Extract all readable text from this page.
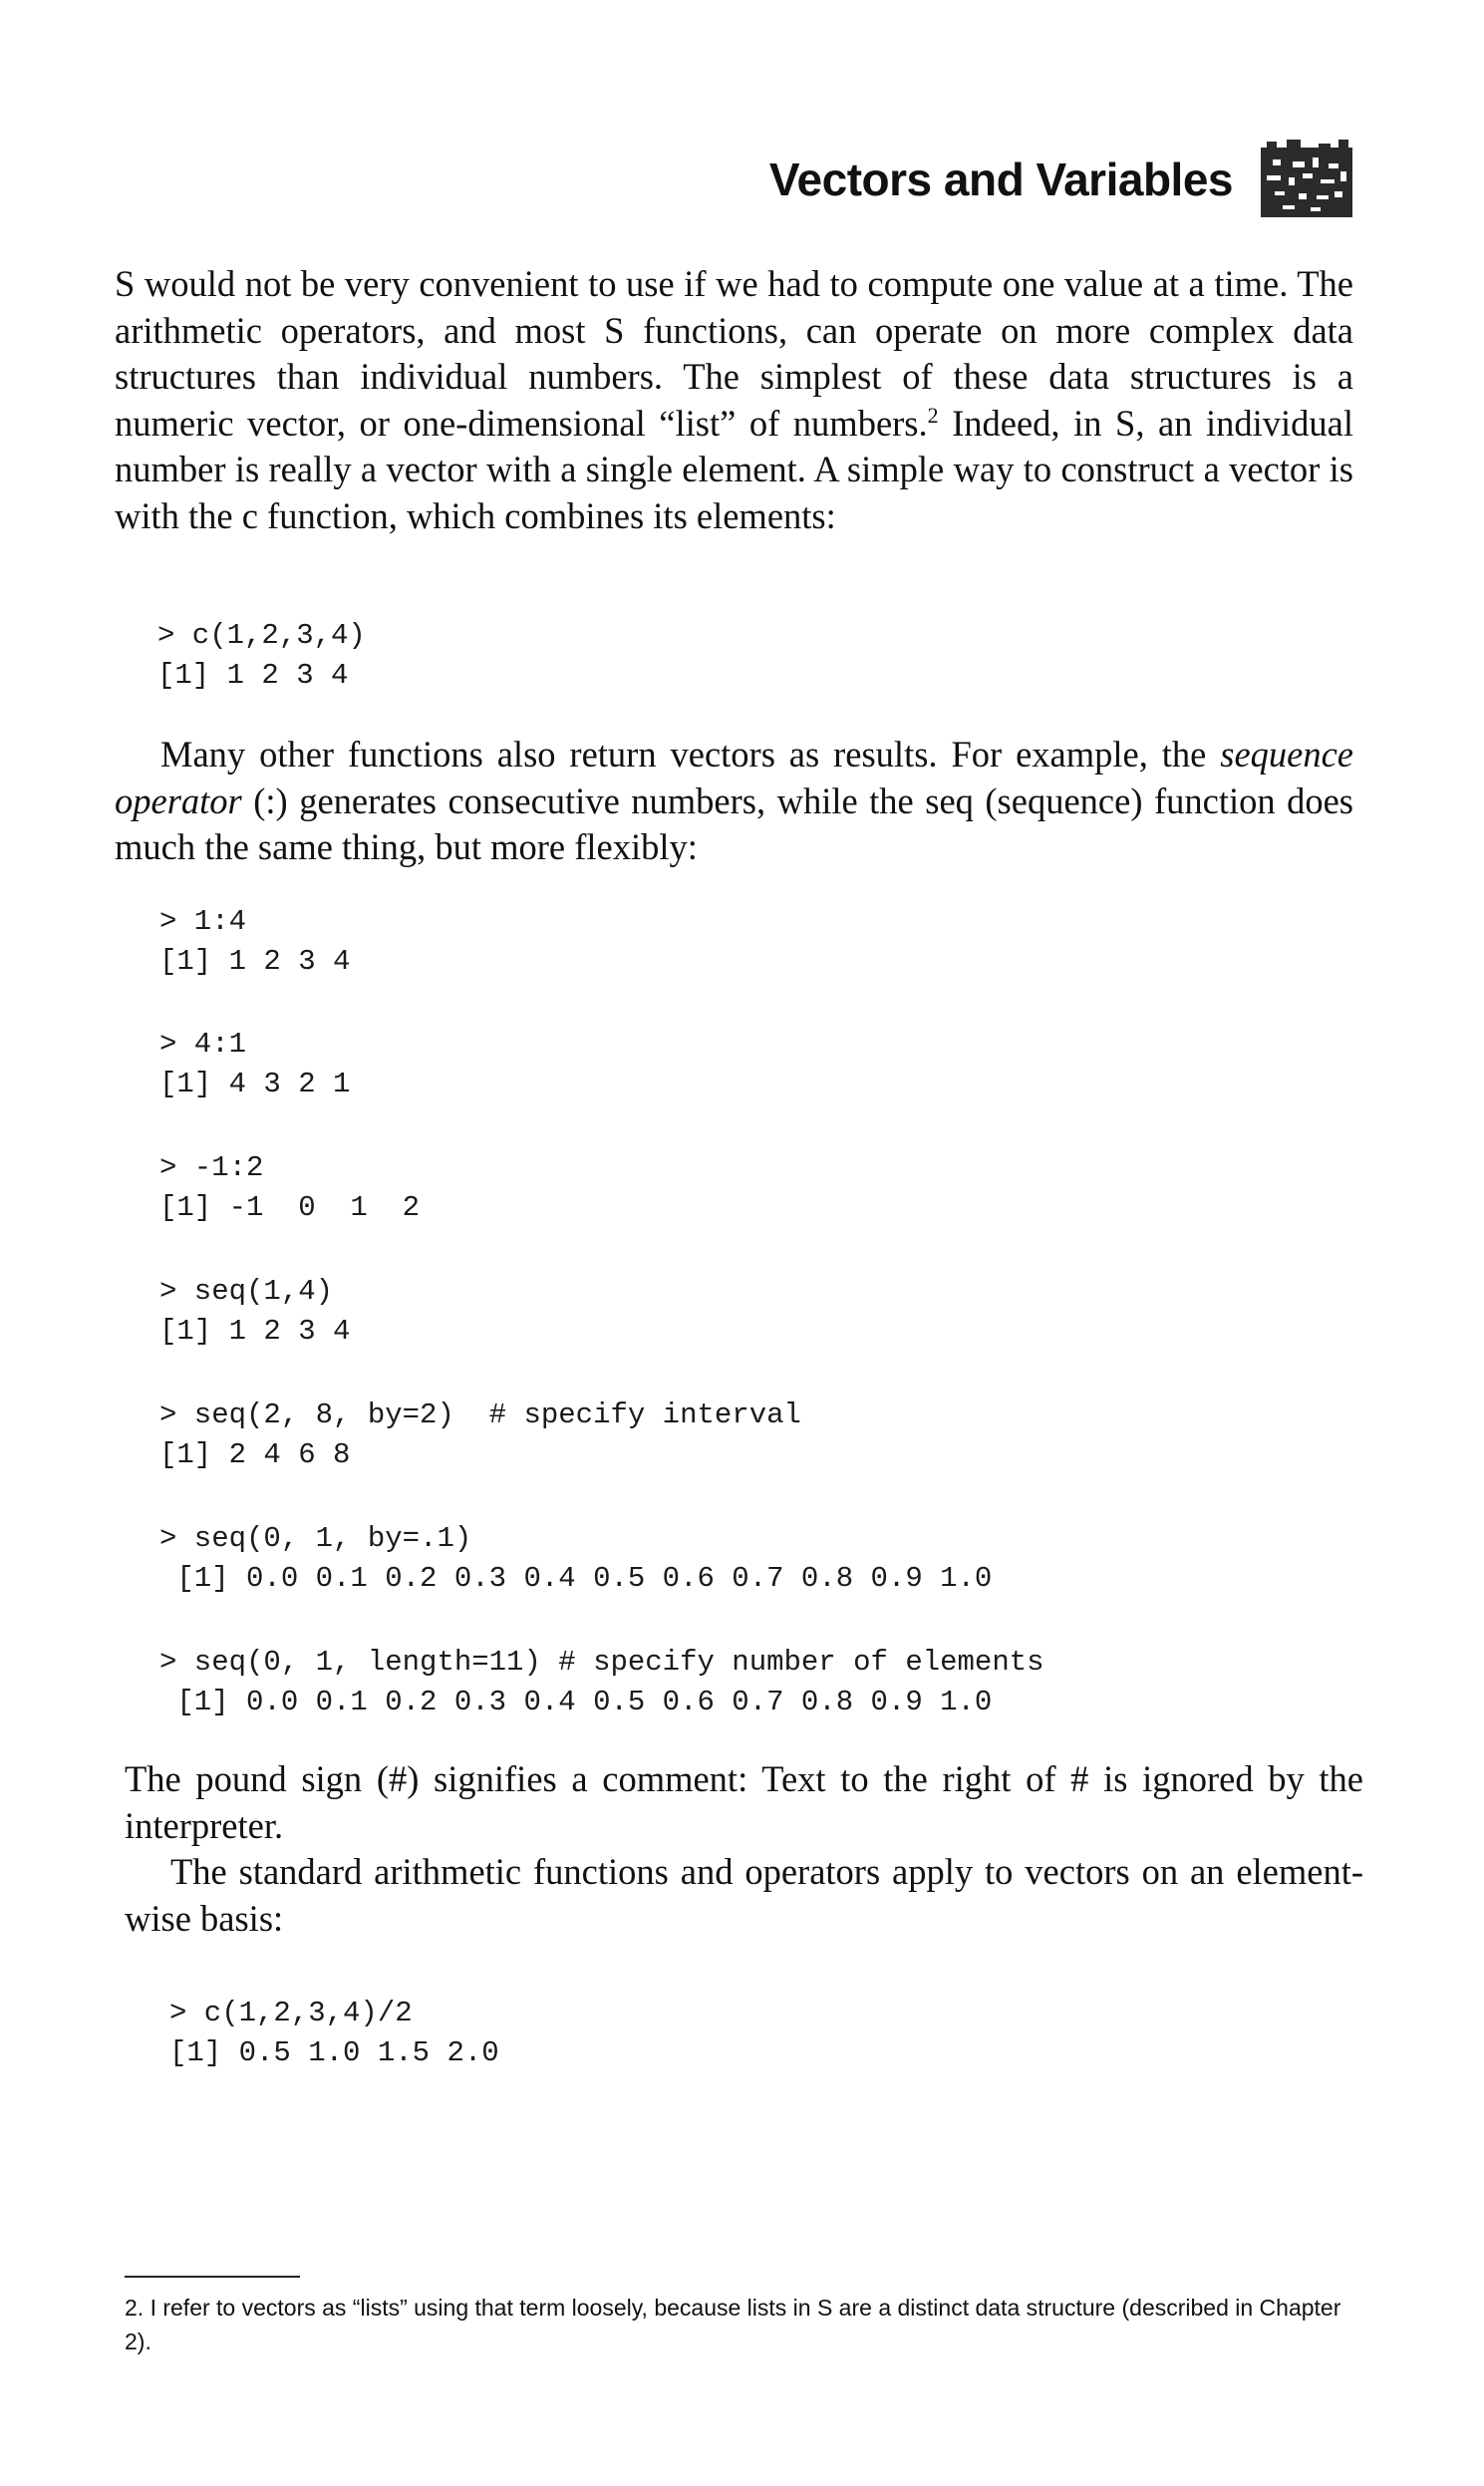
Vectors and Variables

S would not be very convenient to use if we had to compute one value at a time. The arithmetic operators, and most S functions, can operate on more complex data structures than individual numbers. The simplest of these data structures is a numeric vector, or one-dimensional “list” of numbers.$^2$ Indeed, in S, an individual number is really a vector with a single element. A simple way to construct a vector is with the c function, which combines its elements:

> c(1,2,3,4)
[1] 1 2 3 4

Many other functions also return vectors as results. For example, the sequence operator (:) generates consecutive numbers, while the seq (sequence) function does much the same thing, but more flexibly:

> 1:4
[1] 1 2 3 4
> 4:1
[1] 4 3 2 1
> -1:2
[1] -1  0  1  2
> seq(1,4)
[1] 1 2 3 4
> seq(2, 8, by=2)  # specify interval
[1] 2 4 6 8
> seq(0, 1, by=.1)
[1] 0.0 0.1 0.2 0.3 0.4 0.5 0.6 0.7 0.8 0.9 1.0
> seq(0, 1, length=11) # specify number of elements
[1] 0.0 0.1 0.2 0.3 0.4 0.5 0.6 0.7 0.8 0.9 1.0

The pound sign (#) signifies a comment: Text to the right of # is ignored by the interpreter.

The standard arithmetic functions and operators apply to vectors on an element-wise basis:

> c(1,2,3,4)/2
[1] 0.5 1.0 1.5 2.0

2. I refer to vectors as “lists” using that term loosely, because lists in S are a distinct data structure (described in Chapter 2).
